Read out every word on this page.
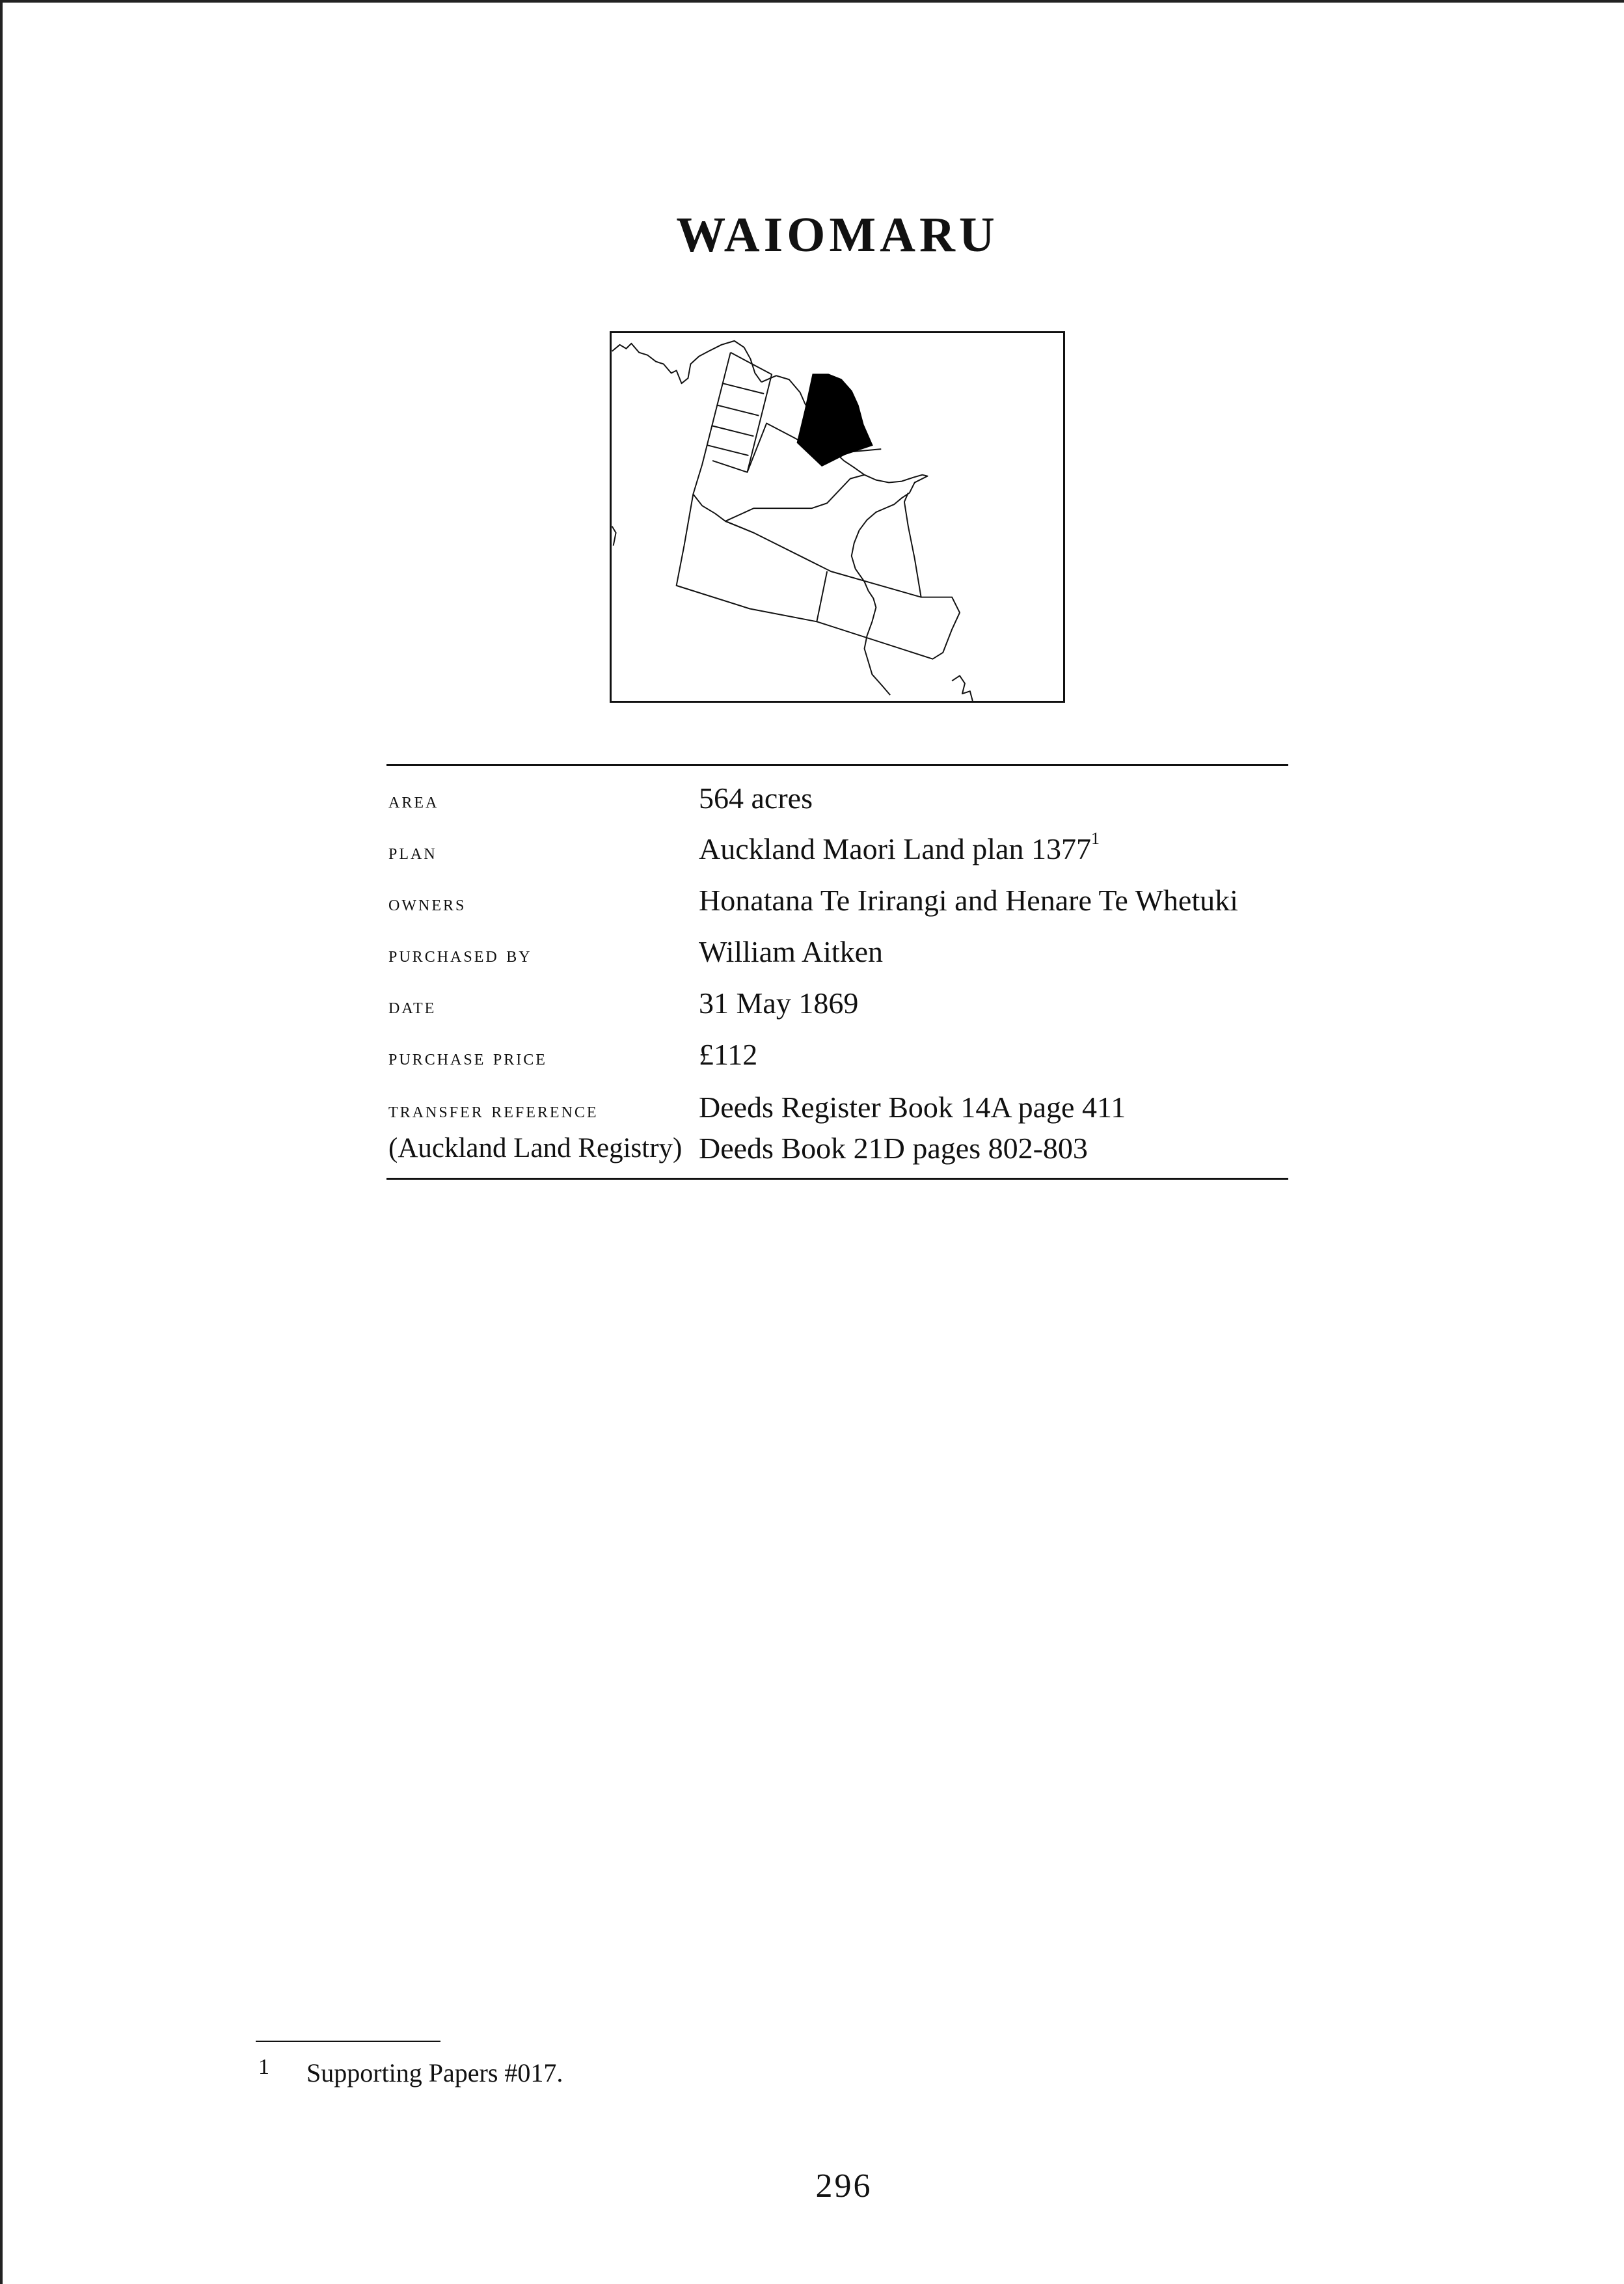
WAIOMARU
area	564 acres
plan	Auckland Maori Land plan 1377$^1$
owners	Honatana Te Irirangi and Henare Te Whetuki
purchased by	William Aitken
date	31 May 1869
purchase price	£112
transfer reference	Deeds Register Book 14A page 411
(Auckland Land Registry) Deeds Book 21D pages 802-803
1 Supporting Papers #017.
296
